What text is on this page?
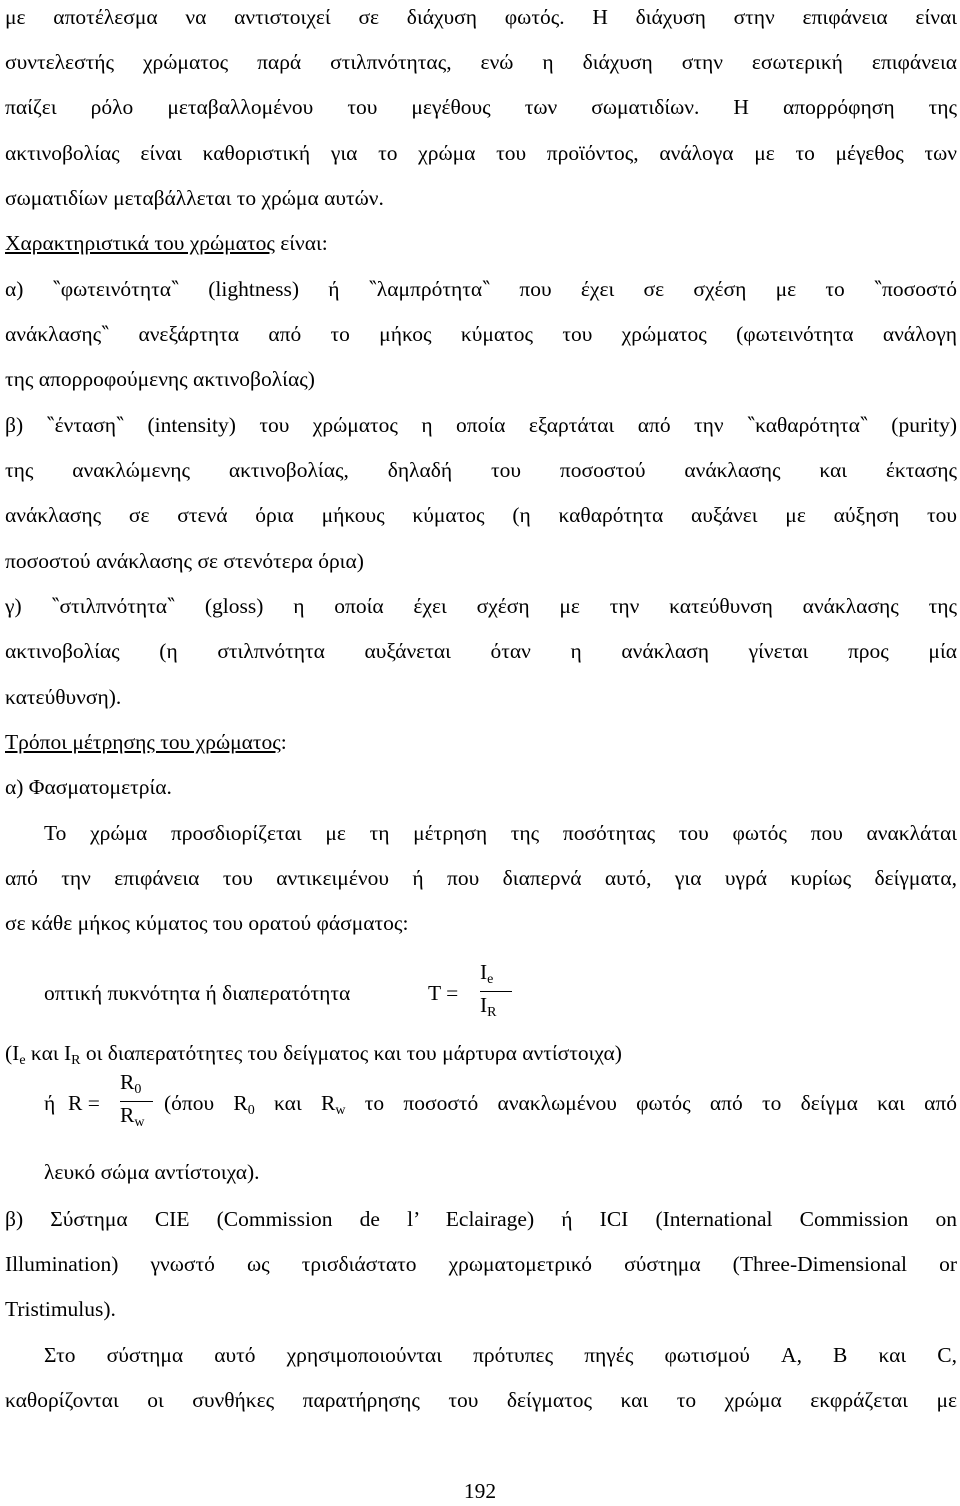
με αποτέλεσμα να αντιστοιχεί σε διάχυση φωτός. Η διάχυση στην επιφάνεια είναι
συντελεστής χρώματος παρά στιλπνότητας, ενώ η διάχυση στην εσωτερική επιφάνεια
παίζει ρόλο μεταβαλλομένου του μεγέθους των σωματιδίων. Η απορρόφηση της
ακτινοβολίας είναι καθοριστική για το χρώμα του προϊόντος, ανάλογα με το μέγεθος των
σωματιδίων μεταβάλλεται το χρώμα αυτών.
Χαρακτηριστικά του χρώματος είναι:
α) ‶φωτεινότητα‶ (lightness) ή ‶λαμπρότητα‶ που έχει σε σχέση με το ‶ποσοστό
ανάκλασης‶ ανεξάρτητα από το μήκος κύματος του χρώματος (φωτεινότητα ανάλογη
της απορροφούμενης ακτινοβολίας)
β) ‶ένταση‶ (intensity) του χρώματος η οποία εξαρτάται από την ‶καθαρότητα‶ (purity)
της ανακλώμενης ακτινοβολίας, δηλαδή του ποσοστού ανάκλασης και έκτασης
ανάκλασης σε στενά όρια μήκους κύματος (η καθαρότητα αυξάνει με αύξηση του
ποσοστού ανάκλασης σε στενότερα όρια)
γ) ‶στιλπνότητα‶ (gloss) η οποία έχει σχέση με την κατεύθυνση ανάκλασης της
ακτινοβολίας (η στιλπνότητα αυξάνεται όταν η ανάκλαση γίνεται προς μία
κατεύθυνση).
Τρόποι μέτρησης του χρώματος:
α) Φασματομετρία.
Το χρώμα προσδιορίζεται με τη μέτρηση της ποσότητας του φωτός που ανακλάται
από την επιφάνεια του αντικειμένου ή που διαπερνά αυτό, για υγρά κυρίως δείγματα,
σε κάθε μήκος κύματος του ορατού φάσματος:
οπτική πυκνότητα ή διαπερατότητα	T =
$I_e$
$I_R$
($I_e$ και $I_R$ οι διαπερατότητες του δείγματος και του μάρτυρα αντίστοιχα)
ή R =
$R_0$
$R_w$
(όπου $R_0$ και $R_w$ το ποσοστό ανακλωμένου φωτός από το δείγμα και από
λευκό σώμα αντίστοιχα).
β) Σύστημα CIE (Commission de l’ Eclairage) ή ICI (International Commission on
Illumination) γνωστό ως τρισδιάστατο χρωματομετρικό σύστημα (Three-Dimensional or
Tristimulus).
Στο σύστημα αυτό χρησιμοποιούνται πρότυπες πηγές φωτισμού A, B και C,
καθορίζονται οι συνθήκες παρατήρησης του δείγματος και το χρώμα εκφράζεται με
192
